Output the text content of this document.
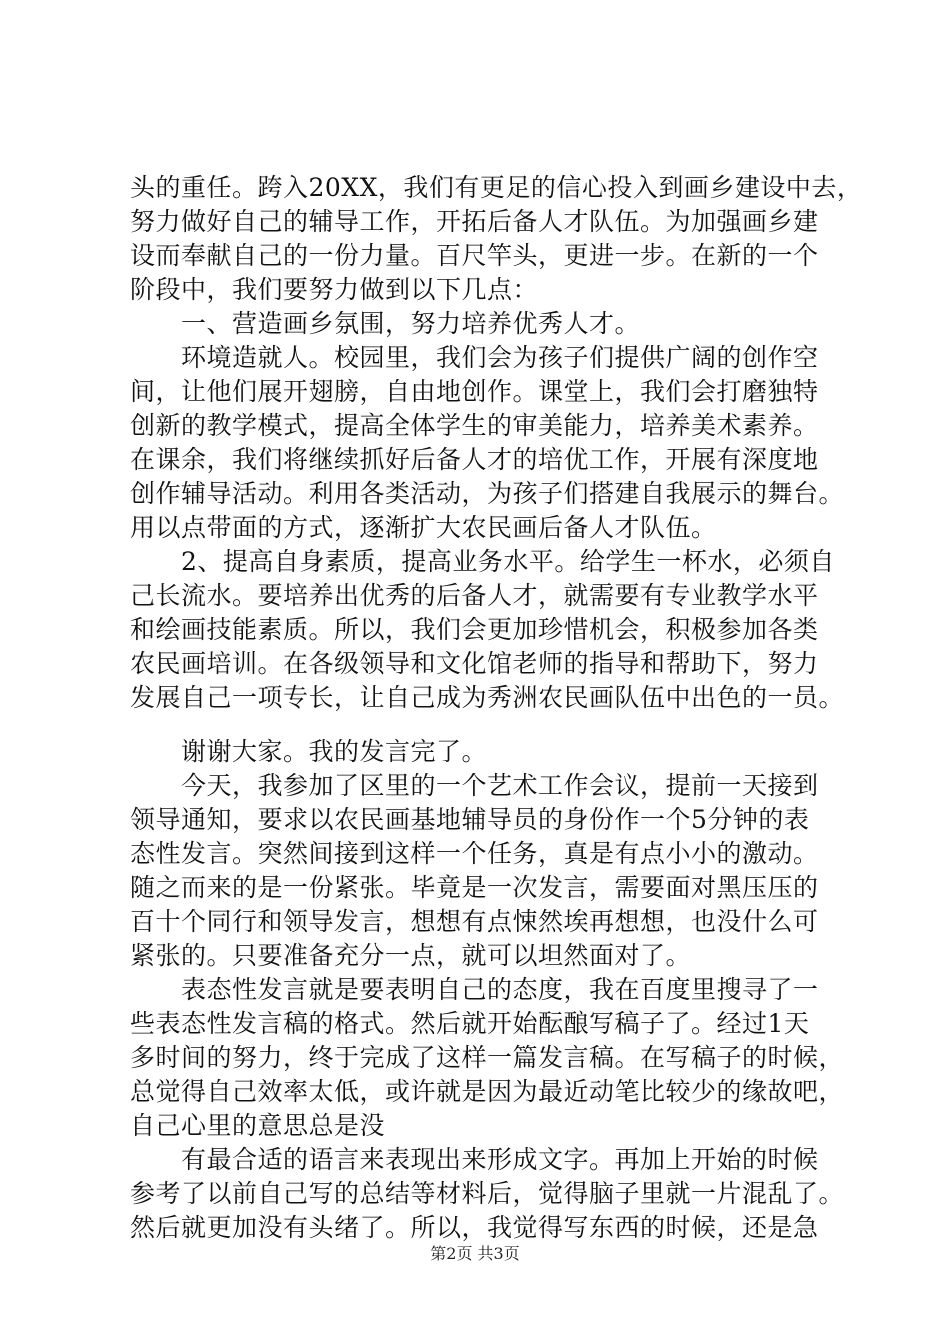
头的重任。跨入20XX，我们有更足的信心投入到画乡建设中去，
努力做好自己的辅导工作，开拓后备人才队伍。为加强画乡建
设而奉献自己的一份力量。百尺竿头，更进一步。在新的一个
阶段中，我们要努力做到以下几点：
　　一、营造画乡氛围，努力培养优秀人才。
　　环境造就人。校园里，我们会为孩子们提供广阔的创作空
间，让他们展开翅膀，自由地创作。课堂上，我们会打磨独特
创新的教学模式，提高全体学生的审美能力，培养美术素养。
在课余，我们将继续抓好后备人才的培优工作，开展有深度地
创作辅导活动。利用各类活动，为孩子们搭建自我展示的舞台。
用以点带面的方式，逐渐扩大农民画后备人才队伍。
　　2、提高自身素质，提高业务水平。给学生一杯水，必须自
己长流水。要培养出优秀的后备人才，就需要有专业教学水平
和绘画技能素质。所以，我们会更加珍惜机会，积极参加各类
农民画培训。在各级领导和文化馆老师的指导和帮助下，努力
发展自己一项专长，让自己成为秀洲农民画队伍中出色的一员。
　　谢谢大家。我的发言完了。
　　今天，我参加了区里的一个艺术工作会议，提前一天接到
领导通知，要求以农民画基地辅导员的身份作一个5分钟的表
态性发言。突然间接到这样一个任务，真是有点小小的激动。
随之而来的是一份紧张。毕竟是一次发言，需要面对黑压压的
百十个同行和领导发言，想想有点悚然埃再想想，也没什么可
紧张的。只要准备充分一点，就可以坦然面对了。
　　表态性发言就是要表明自己的态度，我在百度里搜寻了一
些表态性发言稿的格式。然后就开始酝酿写稿子了。经过1天
多时间的努力，终于完成了这样一篇发言稿。在写稿子的时候，
总觉得自己效率太低，或许就是因为最近动笔比较少的缘故吧，
自己心里的意思总是没
　　有最合适的语言来表现出来形成文字。再加上开始的时候
参考了以前自己写的总结等材料后，觉得脑子里就一片混乱了。
然后就更加没有头绪了。所以，我觉得写东西的时候，还是急
第2页 共3页
